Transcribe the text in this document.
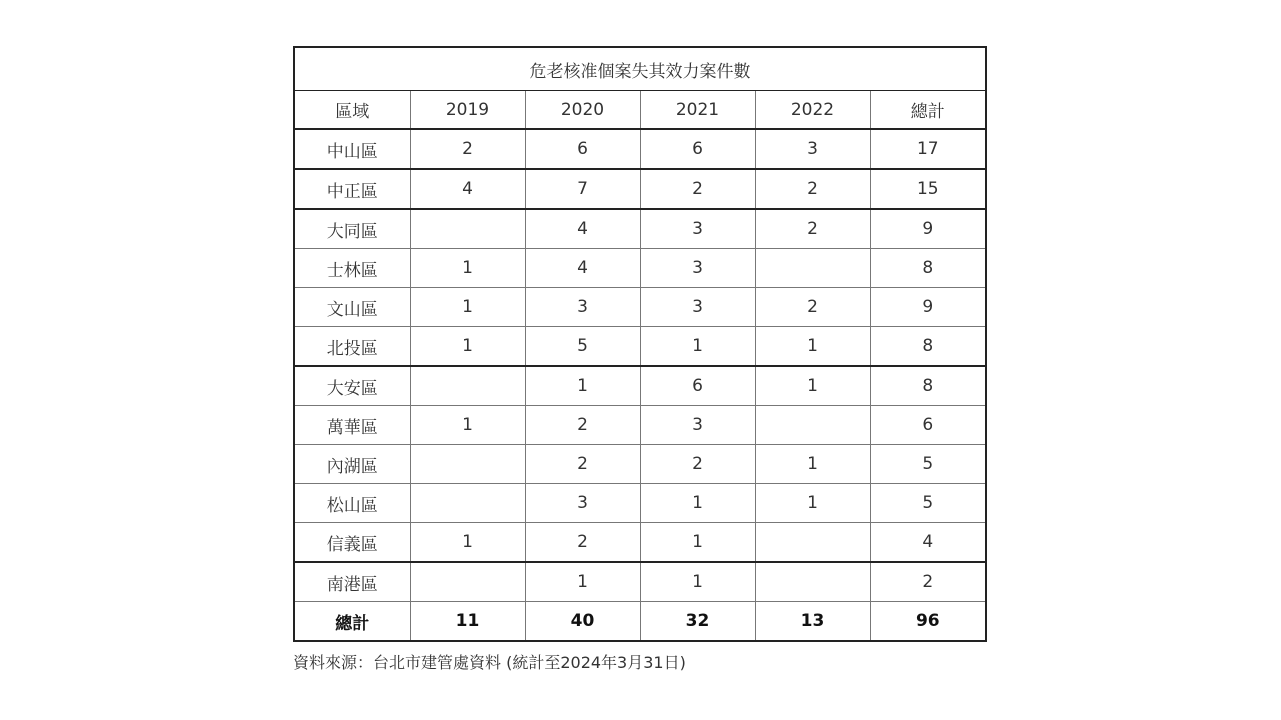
危老核准個案失其效力案件數					
區域	2019	2020	2021	2022	總計
中山區	2	6	6	3	17
中正區	4	7	2	2	15
大同區		4	3	2	9
士林區	1	4	3		8
文山區	1	3	3	2	9
北投區	1	5	1	1	8
大安區		1	6	1	8
萬華區	1	2	3		6
內湖區		2	2	1	5
松山區		3	1	1	5
信義區	1	2	1		4
南港區		1	1		2
總計	11	40	32	13	96
資料來源：台北市建管處資料 (統計至2024年3月31日)
